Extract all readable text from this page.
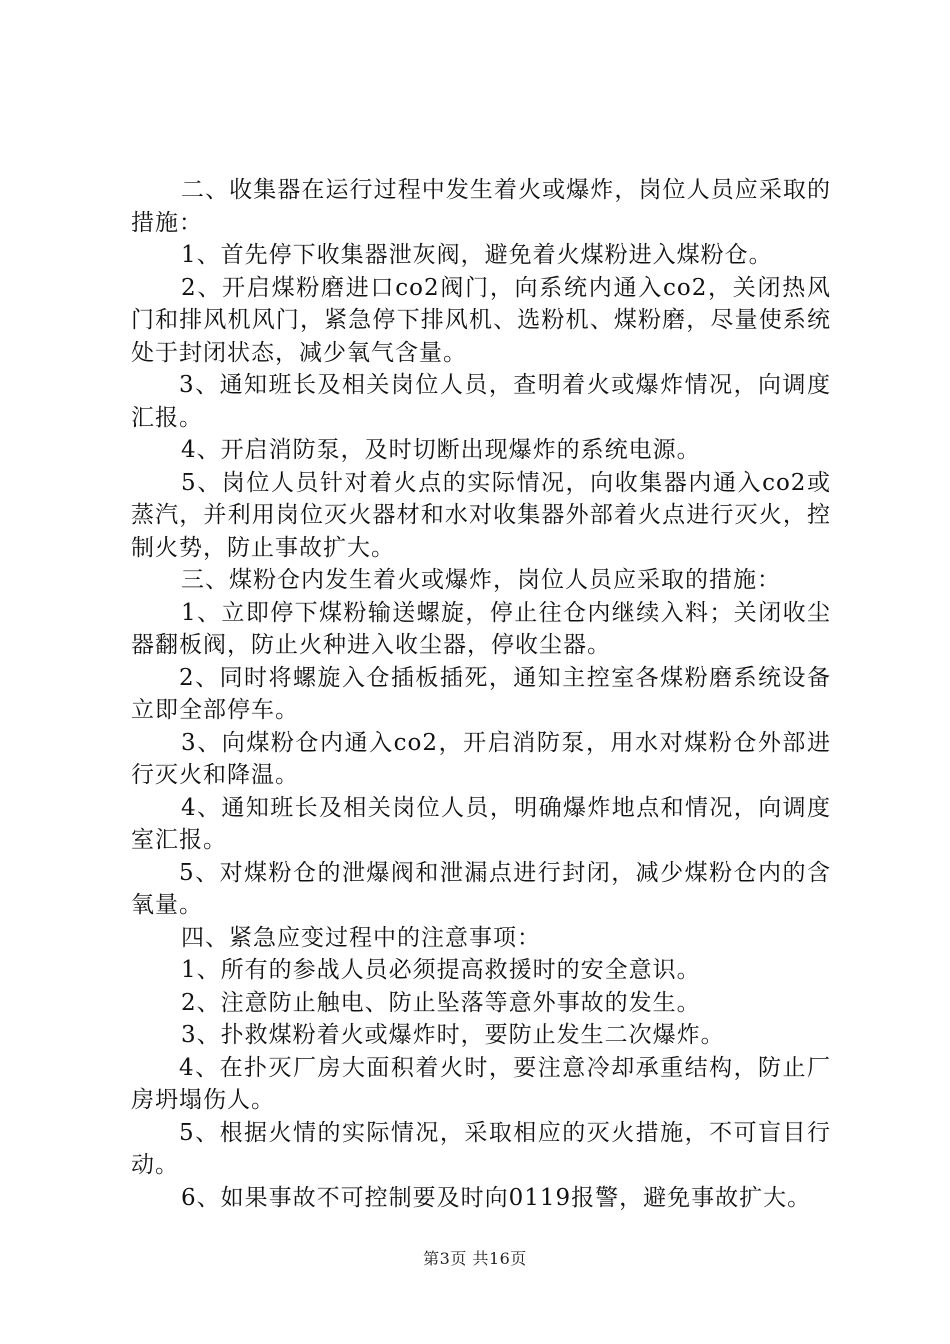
二、收集器在运行过程中发生着火或爆炸，岗位人员应采取的措施：

1、首先停下收集器泄灰阀，避免着火煤粉进入煤粉仓。

2、开启煤粉磨进口co2阀门，向系统内通入co2，关闭热风门和排风机风门，紧急停下排风机、选粉机、煤粉磨，尽量使系统处于封闭状态，减少氧气含量。

3、通知班长及相关岗位人员，查明着火或爆炸情况，向调度汇报。

4、开启消防泵，及时切断出现爆炸的系统电源。

5、岗位人员针对着火点的实际情况，向收集器内通入co2或蒸汽，并利用岗位灭火器材和水对收集器外部着火点进行灭火，控制火势，防止事故扩大。

三、煤粉仓内发生着火或爆炸，岗位人员应采取的措施：

1、立即停下煤粉输送螺旋，停止往仓内继续入料；关闭收尘器翻板阀，防止火种进入收尘器，停收尘器。

2、同时将螺旋入仓插板插死，通知主控室各煤粉磨系统设备立即全部停车。

3、向煤粉仓内通入co2，开启消防泵，用水对煤粉仓外部进行灭火和降温。

4、通知班长及相关岗位人员，明确爆炸地点和情况，向调度室汇报。

5、对煤粉仓的泄爆阀和泄漏点进行封闭，减少煤粉仓内的含氧量。

四、紧急应变过程中的注意事项：

1、所有的参战人员必须提高救援时的安全意识。

2、注意防止触电、防止坠落等意外事故的发生。

3、扑救煤粉着火或爆炸时，要防止发生二次爆炸。

4、在扑灭厂房大面积着火时，要注意冷却承重结构，防止厂房坍塌伤人。

5、根据火情的实际情况，采取相应的灭火措施，不可盲目行动。

6、如果事故不可控制要及时向0119报警，避免事故扩大。

第3页 共16页
